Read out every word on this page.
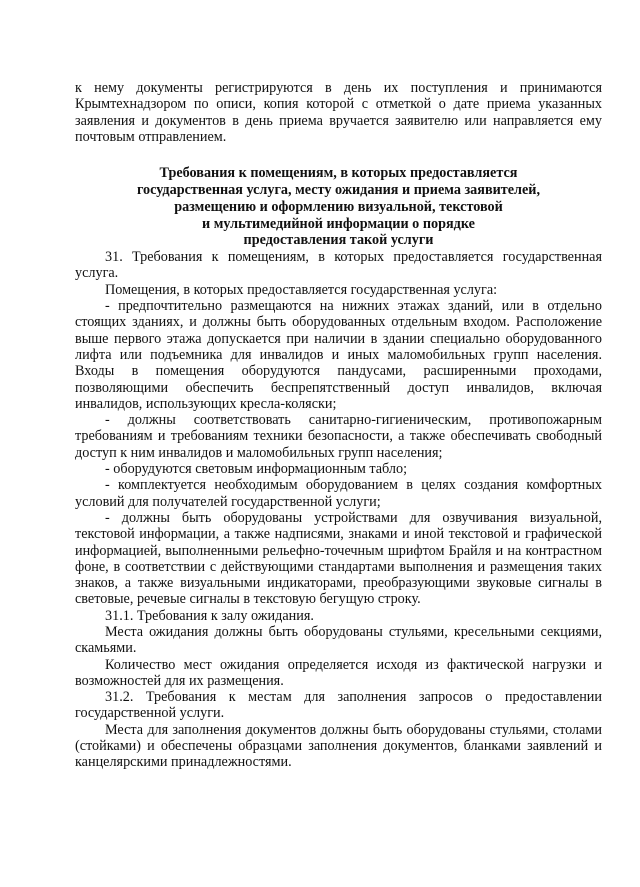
к нему документы регистрируются в день их поступления и принимаются Крымтехнадзором по описи, копия которой с отметкой о дате приема указанных заявления и документов в день приема вручается заявителю или направляется ему почтовым отправлением.

Требования к помещениям, в которых предоставляется
государственная услуга, месту ожидания и приема заявителей,
размещению и оформлению визуальной, текстовой
и мультимедийной информации о порядке
предоставления такой услуги

31. Требования к помещениям, в которых предоставляется государственная услуга.

Помещения, в которых предоставляется государственная услуга:

- предпочтительно размещаются на нижних этажах зданий, или в отдельно стоящих зданиях, и должны быть оборудованных отдельным входом. Расположение выше первого этажа допускается при наличии в здании специально оборудованного лифта или подъемника для инвалидов и иных маломобильных групп населения. Входы в помещения оборудуются пандусами, расширенными проходами, позволяющими обеспечить беспрепятственный доступ инвалидов, включая инвалидов, использующих кресла-коляски;

- должны соответствовать санитарно-гигиеническим, противопожарным требованиям и требованиям техники безопасности, а также обеспечивать свободный доступ к ним инвалидов и маломобильных групп населения;

- оборудуются световым информационным табло;

- комплектуется необходимым оборудованием в целях создания комфортных условий для получателей государственной услуги;

- должны быть оборудованы устройствами для озвучивания визуальной, текстовой информации, а также надписями, знаками и иной текстовой и графической информацией, выполненными рельефно-точечным шрифтом Брайля и на контрастном фоне, в соответствии с действующими стандартами выполнения и размещения таких знаков, а также визуальными индикаторами, преобразующими звуковые сигналы в световые, речевые сигналы в текстовую бегущую строку.

31.1. Требования к залу ожидания.

Места ожидания должны быть оборудованы стульями, кресельными секциями, скамьями.

Количество мест ожидания определяется исходя из фактической нагрузки и возможностей для их размещения.

31.2. Требования к местам для заполнения запросов о предоставлении государственной услуги.

Места для заполнения документов должны быть оборудованы стульями, столами (стойками) и обеспечены образцами заполнения документов, бланками заявлений и канцелярскими принадлежностями.
